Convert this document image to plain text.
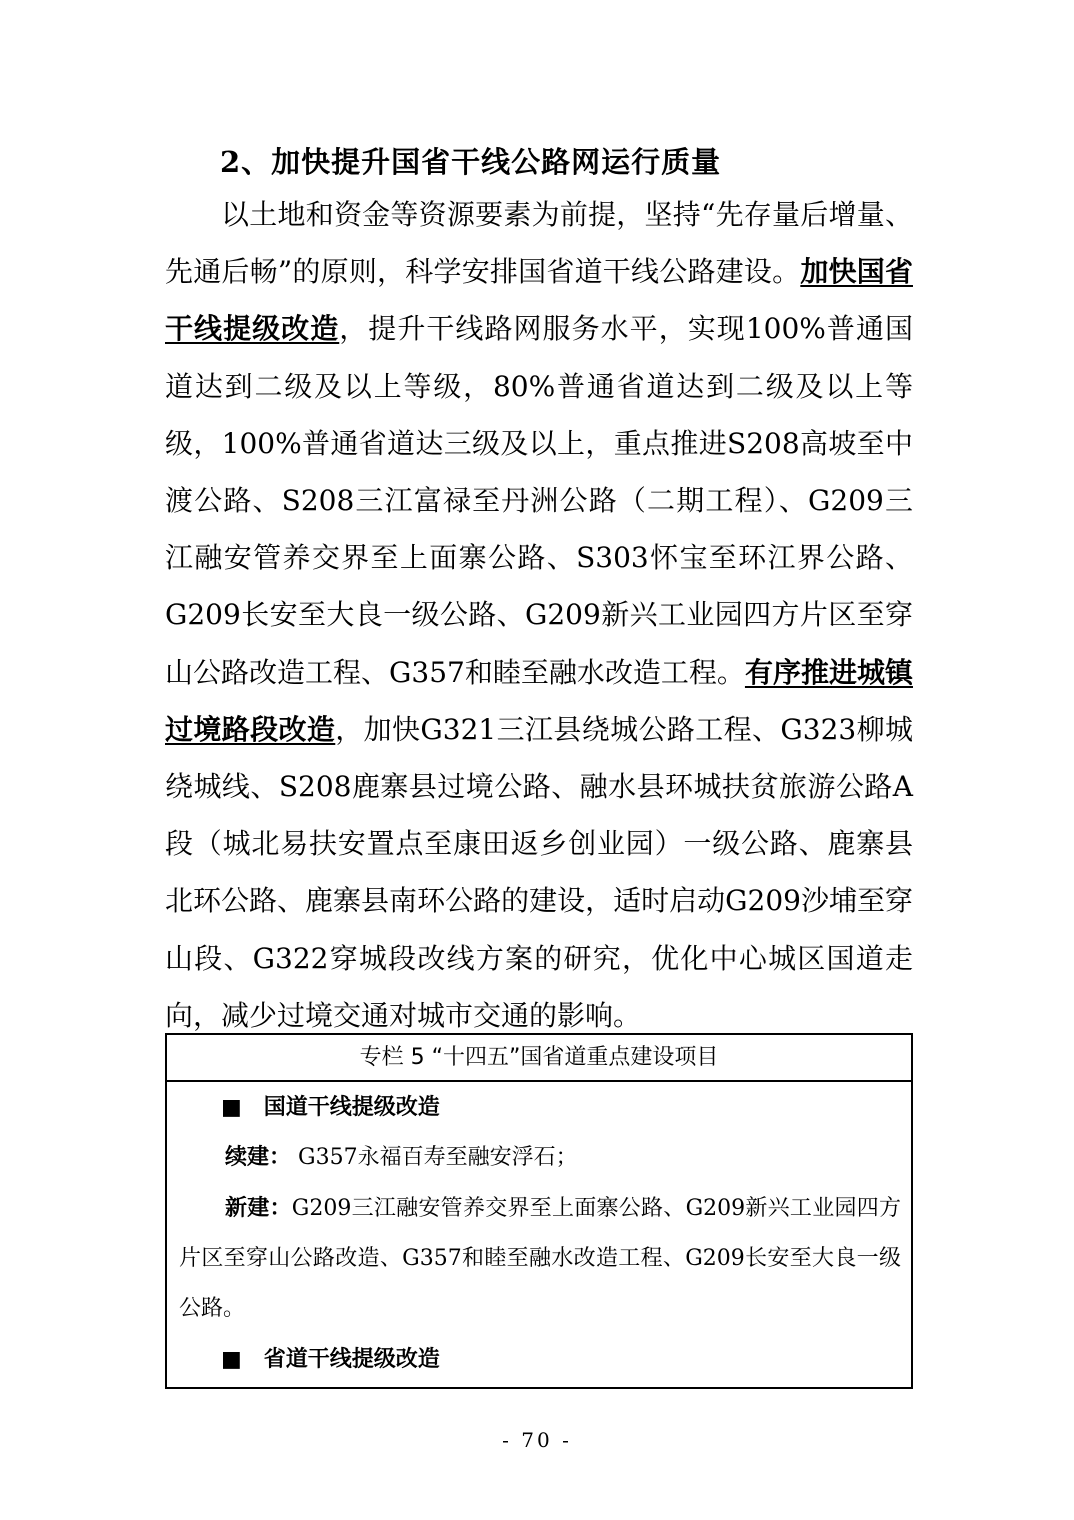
2、加快提升国省干线公路网运行质量

以土地和资金等资源要素为前提，坚持“先存量后增量、先通后畅”的原则，科学安排国省道干线公路建设。加快国省干线提级改造，提升干线路网服务水平，实现100%普通国道达到二级及以上等级，80%普通省道达到二级及以上等级，100%普通省道达三级及以上，重点推进S208高坡至中渡公路、S208三江富禄至丹洲公路（二期工程）、G209三江融安管养交界至上面寨公路、S303怀宝至环江界公路、G209长安至大良一级公路、G209新兴工业园四方片区至穿山公路改造工程、G357和睦至融水改造工程。有序推进城镇过境路段改造，加快G321三江县绕城公路工程、G323柳城绕城线、S208鹿寨县过境公路、融水县环城扶贫旅游公路A段（城北易扶安置点至康田返乡创业园）一级公路、鹿寨县北环公路、鹿寨县南环公路的建设，适时启动G209沙埔至穿山段、G322穿城段改线方案的研究，优化中心城区国道走向，减少过境交通对城市交通的影响。

专栏 5 “十四五”国省道重点建设项目
■　国道干线提级改造
续建： G357永福百寿至融安浮石；
新建：G209三江融安管养交界至上面寨公路、G209新兴工业园四方片区至穿山公路改造、G357和睦至融水改造工程、G209长安至大良一级公路。
■　省道干线提级改造
- 70 -
